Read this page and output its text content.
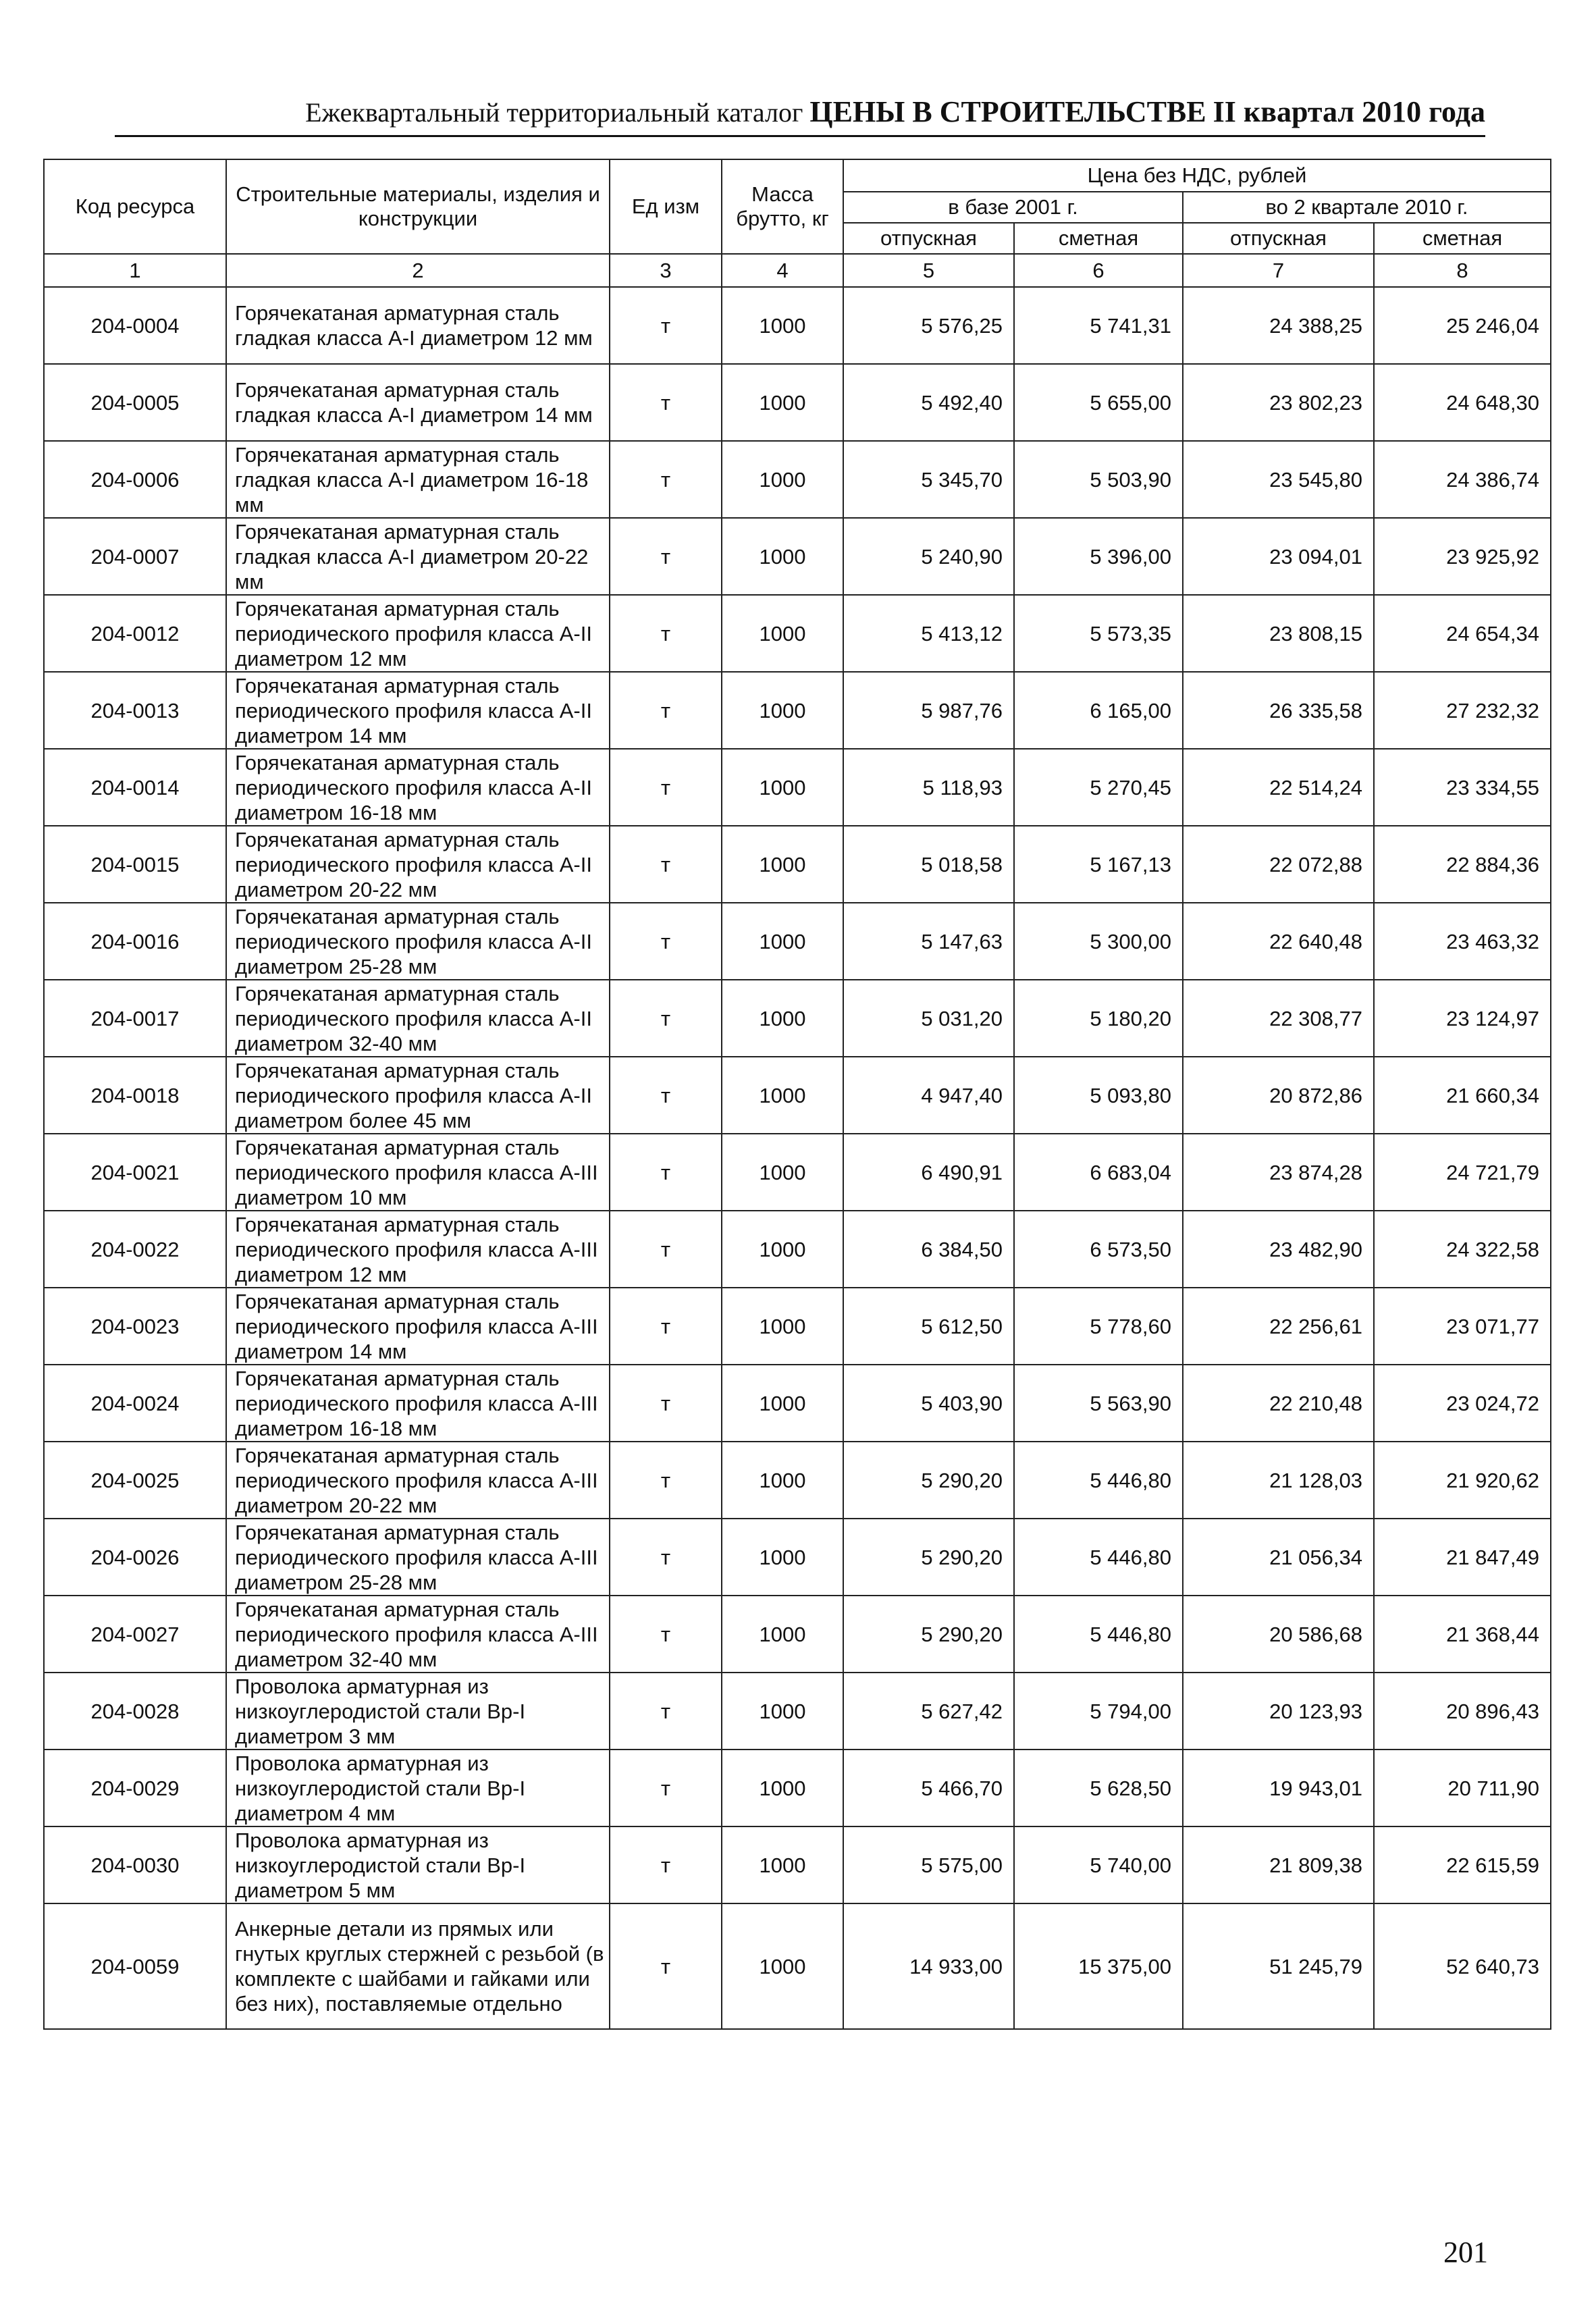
Ежеквартальный территориальный каталог ЦЕНЫ В СТРОИТЕЛЬСТВЕ II квартал 2010 года
Код ресурса	Строительные материалы, изделия и конструкции	Ед изм	Масса брутто, кг	Цена без НДС, рублей			
				в базе 2001 г.		во 2 квартале 2010 г.	
				отпускная	сметная	отпускная	сметная
1	2	3	4	5	6	7	8
204-0004	Горячекатаная арматурная сталь гладкая класса А-I диаметром 12 мм	т	1000	5 576,25	5 741,31	24 388,25	25 246,04
204-0005	Горячекатаная арматурная сталь гладкая класса А-I диаметром 14 мм	т	1000	5 492,40	5 655,00	23 802,23	24 648,30
204-0006	Горячекатаная арматурная сталь гладкая класса А-I диаметром 16-18 мм	т	1000	5 345,70	5 503,90	23 545,80	24 386,74
204-0007	Горячекатаная арматурная сталь гладкая класса А-I диаметром 20-22 мм	т	1000	5 240,90	5 396,00	23 094,01	23 925,92
204-0012	Горячекатаная арматурная сталь периодического профиля класса А-II диаметром 12 мм	т	1000	5 413,12	5 573,35	23 808,15	24 654,34
204-0013	Горячекатаная арматурная сталь периодического профиля класса А-II диаметром 14 мм	т	1000	5 987,76	6 165,00	26 335,58	27 232,32
204-0014	Горячекатаная арматурная сталь периодического профиля класса А-II диаметром 16-18 мм	т	1000	5 118,93	5 270,45	22 514,24	23 334,55
204-0015	Горячекатаная арматурная сталь периодического профиля класса А-II диаметром 20-22 мм	т	1000	5 018,58	5 167,13	22 072,88	22 884,36
204-0016	Горячекатаная арматурная сталь периодического профиля класса А-II диаметром 25-28 мм	т	1000	5 147,63	5 300,00	22 640,48	23 463,32
204-0017	Горячекатаная арматурная сталь периодического профиля класса А-II диаметром 32-40 мм	т	1000	5 031,20	5 180,20	22 308,77	23 124,97
204-0018	Горячекатаная арматурная сталь периодического профиля класса А-II диаметром более 45 мм	т	1000	4 947,40	5 093,80	20 872,86	21 660,34
204-0021	Горячекатаная арматурная сталь периодического профиля класса А-III диаметром 10 мм	т	1000	6 490,91	6 683,04	23 874,28	24 721,79
204-0022	Горячекатаная арматурная сталь периодического профиля класса А-III диаметром 12 мм	т	1000	6 384,50	6 573,50	23 482,90	24 322,58
204-0023	Горячекатаная арматурная сталь периодического профиля класса А-III диаметром 14 мм	т	1000	5 612,50	5 778,60	22 256,61	23 071,77
204-0024	Горячекатаная арматурная сталь периодического профиля класса А-III диаметром 16-18 мм	т	1000	5 403,90	5 563,90	22 210,48	23 024,72
204-0025	Горячекатаная арматурная сталь периодического профиля класса А-III диаметром 20-22 мм	т	1000	5 290,20	5 446,80	21 128,03	21 920,62
204-0026	Горячекатаная арматурная сталь периодического профиля класса А-III диаметром 25-28 мм	т	1000	5 290,20	5 446,80	21 056,34	21 847,49
204-0027	Горячекатаная арматурная сталь периодического профиля класса А-III диаметром 32-40 мм	т	1000	5 290,20	5 446,80	20 586,68	21 368,44
204-0028	Проволока арматурная из низкоуглеродистой стали Вр-I диаметром 3 мм	т	1000	5 627,42	5 794,00	20 123,93	20 896,43
204-0029	Проволока арматурная из низкоуглеродистой стали Вр-I диаметром 4 мм	т	1000	5 466,70	5 628,50	19 943,01	20 711,90
204-0030	Проволока арматурная из низкоуглеродистой стали Вр-I диаметром 5 мм	т	1000	5 575,00	5 740,00	21 809,38	22 615,59
204-0059	Анкерные детали из прямых или гнутых круглых стержней с резьбой (в комплекте с шайбами и гайками или без них), поставляемые отдельно	т	1000	14 933,00	15 375,00	51 245,79	52 640,73
201
